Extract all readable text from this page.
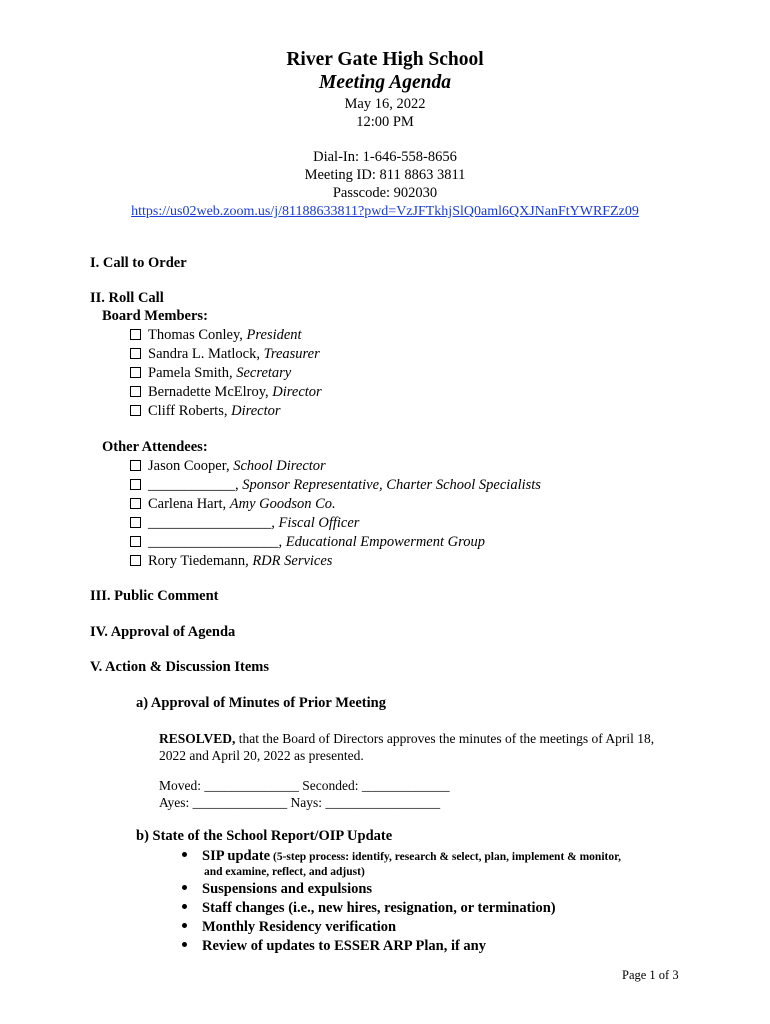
River Gate High School
Meeting Agenda
May 16, 2022
12:00 PM
Dial-In: 1-646-558-8656
Meeting ID: 811 8863 3811
Passcode: 902030
https://us02web.zoom.us/j/81188633811?pwd=VzJFTkhjSlQ0aml6QXJNanFtYWRFZz09
I. Call to Order
II. Roll Call
Board Members:
Thomas Conley, President
Sandra L. Matlock, Treasurer
Pamela Smith, Secretary
Bernadette McElroy, Director
Cliff Roberts, Director
Other Attendees:
Jason Cooper, School Director
____________, Sponsor Representative, Charter School Specialists
Carlena Hart, Amy Goodson Co.
_________________, Fiscal Officer
__________________, Educational Empowerment Group
Rory Tiedemann, RDR Services
III. Public Comment
IV. Approval of Agenda
V. Action & Discussion Items
a) Approval of Minutes of Prior Meeting
RESOLVED, that the Board of Directors approves the minutes of the meetings of April 18,
2022 and April 20, 2022 as presented.
Moved: ______________ Seconded: _____________
Ayes: ______________ Nays: _________________
b) State of the School Report/OIP Update
SIP update (5-step process: identify, research & select, plan, implement & monitor,
and examine, reflect, and adjust)
Suspensions and expulsions
Staff changes (i.e., new hires, resignation, or termination)
Monthly Residency verification
Review of updates to ESSER ARP Plan, if any
Page 1 of 3
